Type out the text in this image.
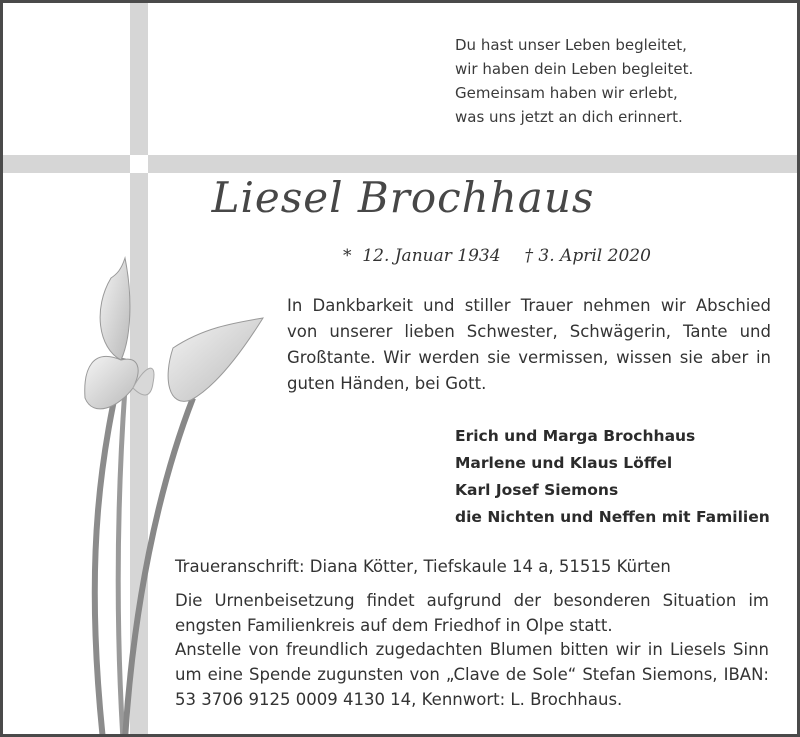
Du hast unser Leben begleitet,
wir haben dein Leben begleitet.
Gemeinsam haben wir erlebt,
was uns jetzt an dich erinnert.
Liesel Brochhaus
*  12. Januar 1934 † 3. April 2020

In Dankbarkeit und stiller Trauer nehmen wir Abschied von unserer lieben Schwester, Schwägerin, Tante und Großtante. Wir werden sie vermissen, wissen sie aber in guten Händen, bei Gott.

Erich und Marga Brochhaus
Marlene und Klaus Löffel
Karl Josef Siemons
die Nichten und Neffen mit Familien

Traueranschrift: Diana Kötter, Tiefskaule 14 a, 51515 Kürten

Die Urnenbeisetzung findet aufgrund der besonderen Situation im engsten Familienkreis auf dem Friedhof in Olpe statt.

Anstelle von freundlich zugedachten Blumen bitten wir in Liesels Sinn um eine Spende zugunsten von „Clave de Sole“ Stefan Siemons, IBAN: 53 3706 9125 0009 4130 14, Kennwort: L. Brochhaus.
